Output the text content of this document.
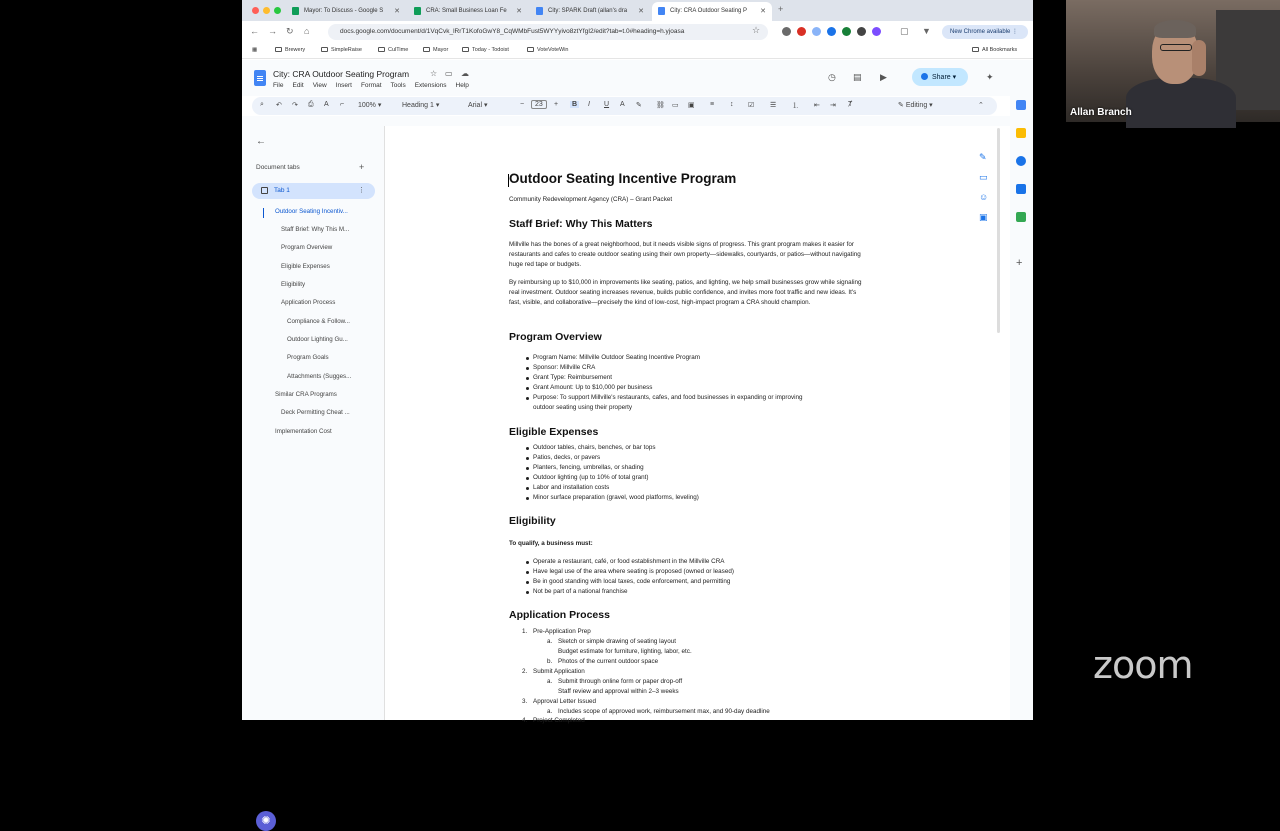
Mayor: To Discuss - Google S ✕	CRA: Small Business Loan Fe ✕	City: SPARK Draft (allan's dra ✕	City: CRA Outdoor Seating P ✕ +
← → ↻ ⌂	docs.google.com/document/d/1VqCvk_lRrT1KofoGwY8_CqWMbFust5WYYyivo8ztYfgI2/edit?tab=t.0#heading=h.yjoasa	☆	▢ ▼	New Chrome available ⋮
▦	Brewery	SimpleRaise	CulTime	Mayor	Today - Todoist	VoteVoteWin	All Bookmarks
City: CRA Outdoor Seating Program	☆ ▭ ☁
File Edit View Insert Format Tools Extensions Help
◷ ▤ ▶	Share ▾	✦
⌕ ↶ ↷ ⎙ A ⌐ 100% ▾	Heading 1 ▾	Arial ▾	−	23	+ B I U A ✎ ⛓ ▭ ▣ ≡ ↕ ☑ ☰ ⒈ ⇤ ⇥ Ⱦ	✎ Editing ▾	⌃
+
←
Document tabs	+
Tab 1	⋮
Outdoor Seating Incentiv...
Staff Brief: Why This M...
Program Overview
Eligible Expenses
Eligibility
Application Process
Compliance & Follow...
Outdoor Lighting Gu...
Program Goals
Attachments (Sugges...
Similar CRA Programs
Deck Permitting Cheat ...
Implementation Cost
✺
✎
▭
☺
▣
Outdoor Seating Incentive Program
Community Redevelopment Agency (CRA) – Grant Packet
Staff Brief: Why This Matters
Millville has the bones of a great neighborhood, but it needs visible signs of progress. This grant program makes it easier for restaurants and cafes to create outdoor seating using their own property—sidewalks, courtyards, or patios—without navigating huge red tape or budgets.
By reimbursing up to $10,000 in improvements like seating, patios, and lighting, we help small businesses grow while signaling real investment. Outdoor seating increases revenue, builds public confidence, and invites more foot traffic and new ideas. It's fast, visible, and collaborative—precisely the kind of low-cost, high-impact program a CRA should champion.
Program Overview
Program Name: Millville Outdoor Seating Incentive Program
Sponsor: Millville CRA
Grant Type: Reimbursement
Grant Amount: Up to $10,000 per business
Purpose: To support Millville's restaurants, cafes, and food businesses in expanding or improving
outdoor seating using their property
Eligible Expenses
Outdoor tables, chairs, benches, or bar tops
Patios, decks, or pavers
Planters, fencing, umbrellas, or shading
Outdoor lighting (up to 10% of total grant)
Labor and installation costs
Minor surface preparation (gravel, wood platforms, leveling)
Eligibility
To qualify, a business must:
Operate a restaurant, café, or food establishment in the Millville CRA
Have legal use of the area where seating is proposed (owned or leased)
Be in good standing with local taxes, code enforcement, and permitting
Not be part of a national franchise
Application Process
1. Pre-Application Prep
a. Sketch or simple drawing of seating layout
Budget estimate for furniture, lighting, labor, etc.
b. Photos of the current outdoor space
2. Submit Application
a. Submit through online form or paper drop-off
Staff review and approval within 2–3 weeks
3. Approval Letter Issued
a. Includes scope of approved work, reimbursement max, and 90-day deadline
4. Project Completed
Allan Branch
zoom
